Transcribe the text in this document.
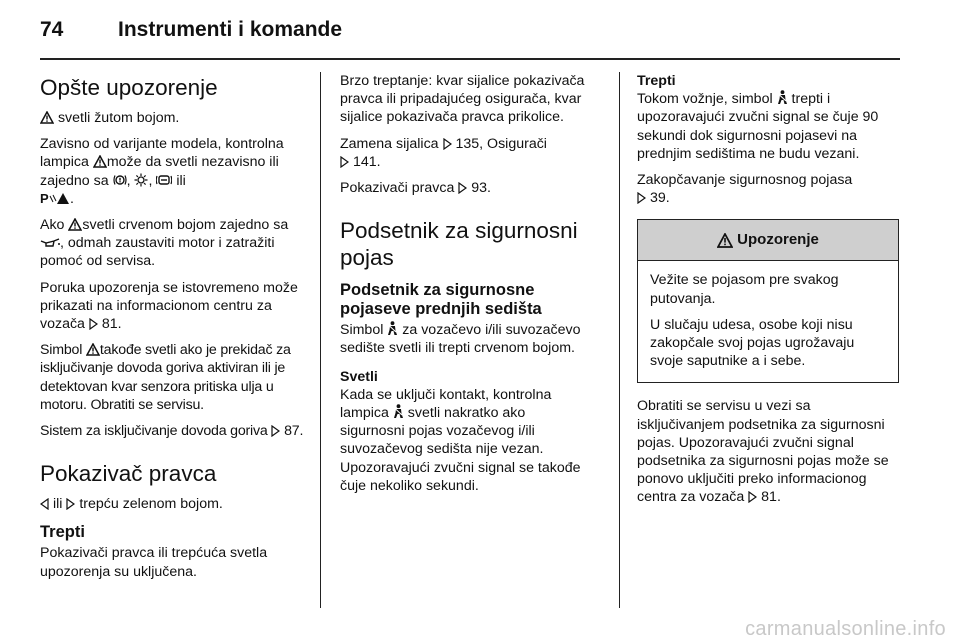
74	Instrumenti i komande
Opšte upozorenje

svetli žutom bojom.

Zavisno od varijante modela, kontrolna lampica može da svetli nezavisno ili zajedno sa , , ili

P .

Ako svetli crvenom bojom zajedno sa
, odmah zaustaviti motor i zatražiti pomoć od servisa.

Poruka upozorenja se istovremeno može prikazati na informacionom centru za vozača 81.

Simbol takođe svetli ako je prekidač za isključivanje dovoda goriva aktiviran ili je detektovan kvar senzora pritiska ulja u motoru. Obratiti se servisu.

Sistem za isključivanje dovoda goriva 87.

Pokazivač pravca

ili trepću zelenom bojom.

Trepti

Pokazivači pravca ili trepćuća svetla upozorenja su uključena.

Brzo treptanje: kvar sijalice pokazivača pravca ili pripadajućeg osigurača, kvar sijalice pokazivača pravca prikolice.

Zamena sijalica 135, Osigurači

141.

Pokazivači pravca 93.

Podsetnik za sigurnosni pojas
Podsetnik za sigurnosne pojaseve prednjih sedišta

Simbol za vozačevo i/ili suvozačevo sedište svetli ili trepti crvenom bojom.

Svetli

Kada se uključi kontakt, kontrolna lampica svetli nakratko ako sigurnosni pojas vozačevog i/ili suvozačevog sedišta nije vezan. Upozoravajući zvučni signal se takođe čuje nekoliko sekundi.

Trepti

Tokom vožnje, simbol trepti i upozoravajući zvučni signal se čuje 90 sekundi dok sigurnosni pojasevi na prednjim sedištima ne budu vezani.

Zakopčavanje sigurnosnog pojasa

39.

Upozorenje

Vežite se pojasom pre svakog putovanja.

U slučaju udesa, osobe koji nisu zakopčale svoj pojas ugrožavaju svoje saputnike a i sebe.

Obratiti se servisu u vezi sa isključivanjem podsetnika za sigurnosni pojas. Upozoravajući zvučni signal podsetnika za sigurnosni pojas može se ponovo uključiti preko informacionog centra za vozača 81.

carmanualsonline.info
